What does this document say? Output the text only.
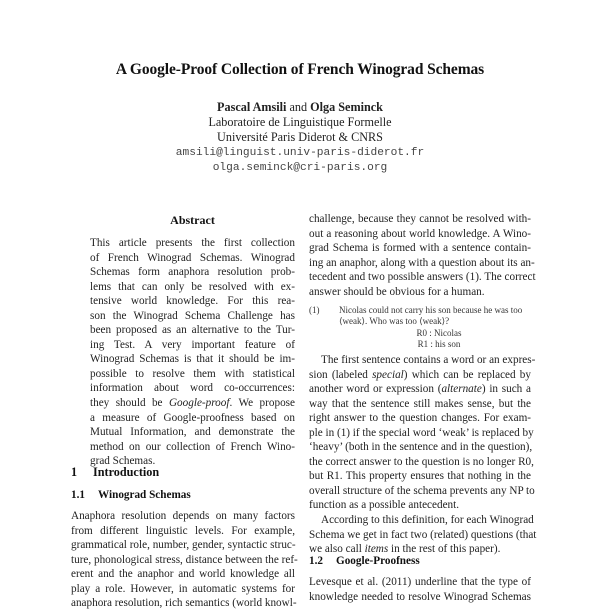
A Google-Proof Collection of French Winograd Schemas
Pascal Amsili and Olga Seminck
Laboratoire de Linguistique Formelle
Université Paris Diderot & CNRS
amsili@linguist.univ-paris-diderot.fr
olga.seminck@cri-paris.org
Abstract
This article presents the first collection
of French Winograd Schemas. Winograd
Schemas form anaphora resolution prob-
lems that can only be resolved with ex-
tensive world knowledge. For this rea-
son the Winograd Schema Challenge has
been proposed as an alternative to the Tur-
ing Test. A very important feature of
Winograd Schemas is that it should be im-
possible to resolve them with statistical
information about word co-occurrences:
they should be Google-proof. We propose
a measure of Google-proofness based on
Mutual Information, and demonstrate the
method on our collection of French Wino-
grad Schemas.
1 Introduction
1.1 Winograd Schemas
Anaphora resolution depends on many factors
from different linguistic levels. For example,
grammatical role, number, gender, syntactic struc-
ture, phonological stress, distance between the ref-
erent and the anaphor and world knowledge all
play a role. However, in automatic systems for
anaphora resolution, rich semantics (world knowl-
challenge, because they cannot be resolved with-
out a reasoning about world knowledge. A Wino-
grad Schema is formed with a sentence contain-
ing an anaphor, along with a question about its an-
tecedent and two possible answers (1). The correct
answer should be obvious for a human.
(1) Nicolas could not carry his son because he was too
⟨weak⟩. Who was too ⟨weak⟩?
R0 : Nicolas
R1 : his son
The first sentence contains a word or an expres-
sion (labeled special) which can be replaced by
another word or expression (alternate) in such a
way that the sentence still makes sense, but the
right answer to the question changes. For exam-
ple in (1) if the special word ‘weak’ is replaced by
‘heavy’ (both in the sentence and in the question),
the correct answer to the question is no longer R0,
but R1. This property ensures that nothing in the
overall structure of the schema prevents any NP to
function as a possible antecedent.
According to this definition, for each Winograd
Schema we get in fact two (related) questions (that
we also call items in the rest of this paper).
1.2 Google-Proofness
Levesque et al. (2011) underline that the type of
knowledge needed to resolve Winograd Schemas
